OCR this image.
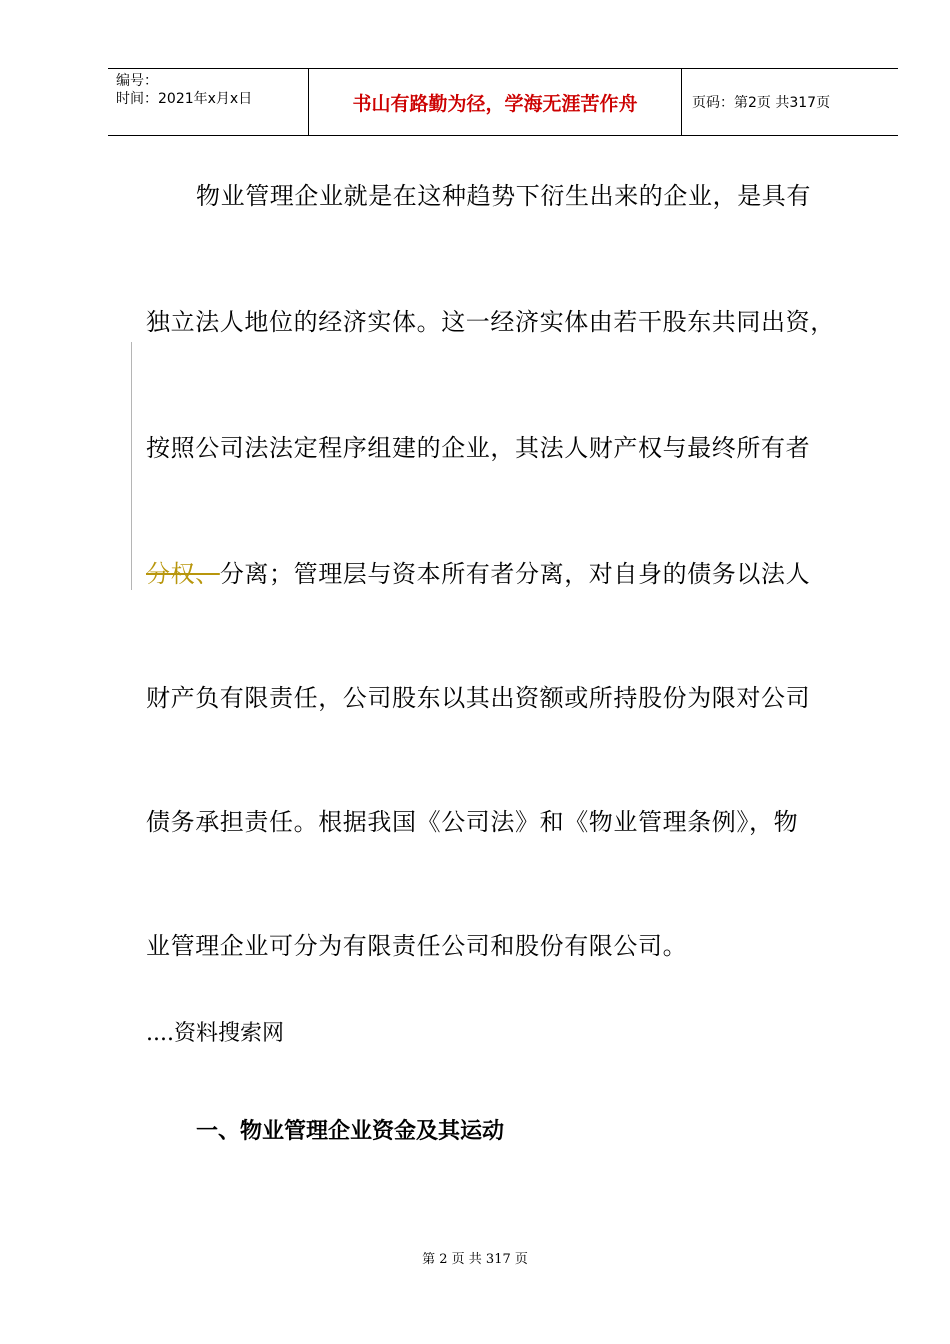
编号：
时间：2021年x月x日	书山有路勤为径，学海无涯苦作舟	页码：第2页 共317页
物业管理企业就是在这种趋势下衍生出来的企业，是具有
独立法人地位的经济实体。这一经济实体由若干股东共同出资，
按照公司法法定程序组建的企业，其法人财产权与最终所有者
分权、分离；管理层与资本所有者分离，对自身的债务以法人
财产负有限责任，公司股东以其出资额或所持股份为限对公司
债务承担责任。根据我国《公司法》和《物业管理条例》，物
业管理企业可分为有限责任公司和股份有限公司。
....资料搜索网
一、物业管理企业资金及其运动
第 2 页 共 317 页
